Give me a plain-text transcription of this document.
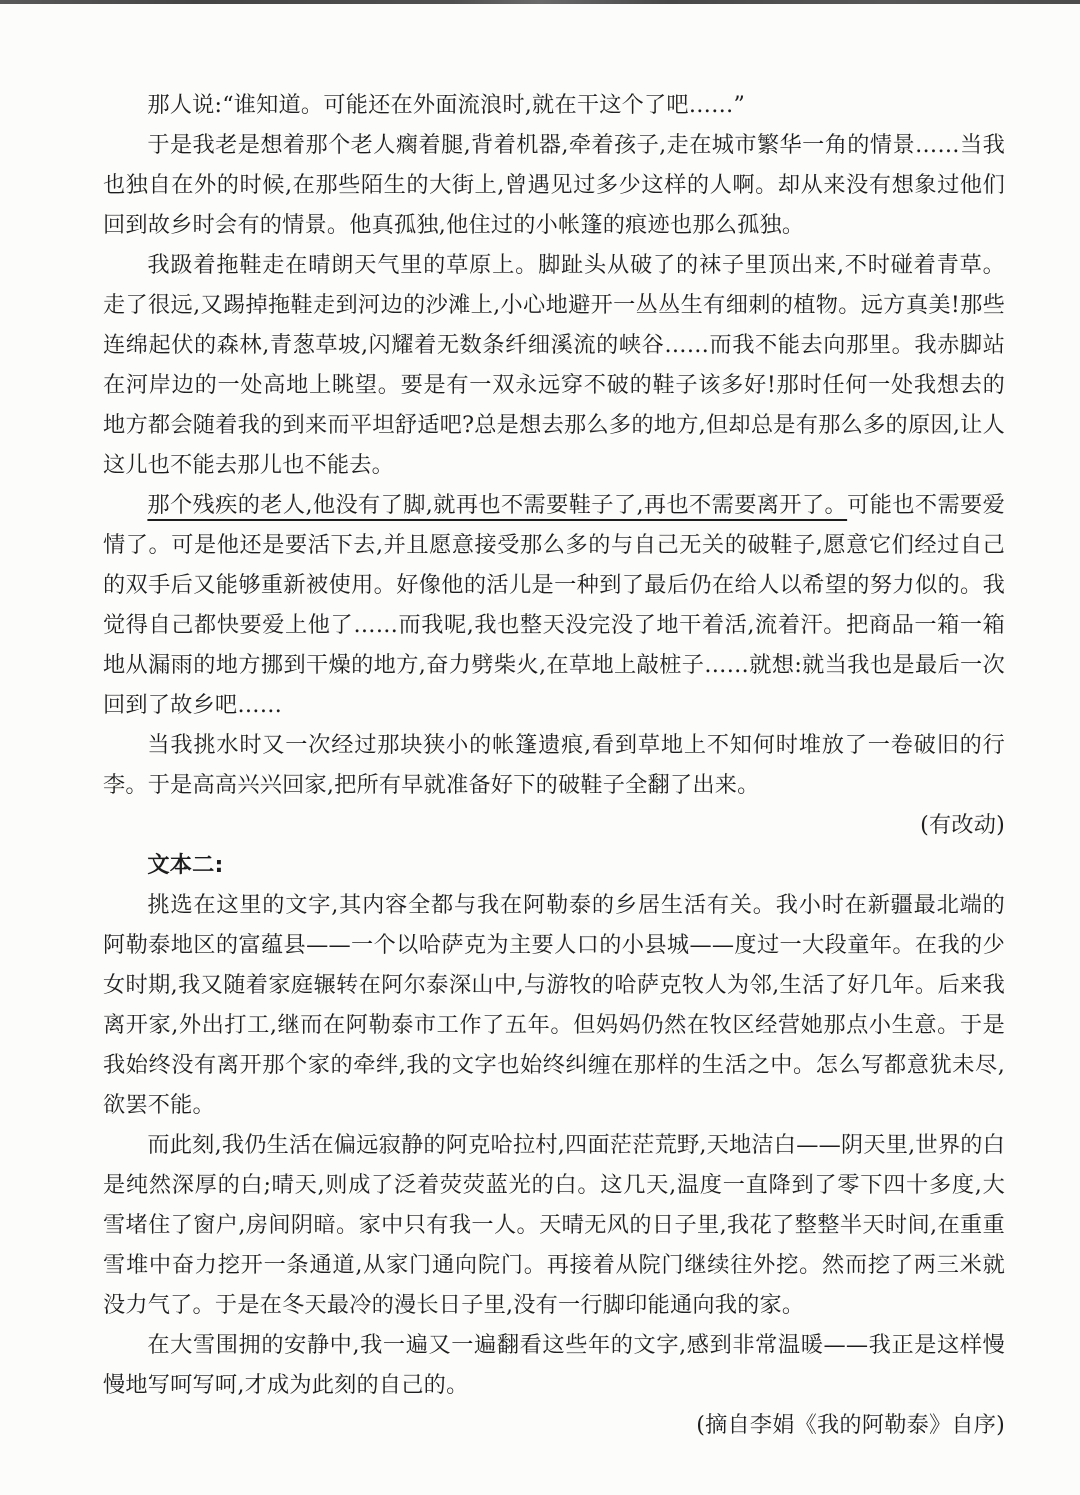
那人说:“谁知道。可能还在外面流浪时,就在干这个了吧……”

于是我老是想着那个老人瘸着腿,背着机器,牵着孩子,走在城市繁华一角的情景……当我也独自在外的时候,在那些陌生的大街上,曾遇见过多少这样的人啊。却从来没有想象过他们回到故乡时会有的情景。他真孤独,他住过的小帐篷的痕迹也那么孤独。

我趿着拖鞋走在晴朗天气里的草原上。脚趾头从破了的袜子里顶出来,不时碰着青草。走了很远,又踢掉拖鞋走到河边的沙滩上,小心地避开一丛丛生有细刺的植物。远方真美!那些连绵起伏的森林,青葱草坡,闪耀着无数条纤细溪流的峡谷……而我不能去向那里。我赤脚站在河岸边的一处高地上眺望。要是有一双永远穿不破的鞋子该多好!那时任何一处我想去的地方都会随着我的到来而平坦舒适吧?总是想去那么多的地方,但却总是有那么多的原因,让人这儿也不能去那儿也不能去。

那个残疾的老人,他没有了脚,就再也不需要鞋子了,再也不需要离开了。可能也不需要爱情了。可是他还是要活下去,并且愿意接受那么多的与自己无关的破鞋子,愿意它们经过自己的双手后又能够重新被使用。好像他的活儿是一种到了最后仍在给人以希望的努力似的。我觉得自己都快要爱上他了……而我呢,我也整天没完没了地干着活,流着汗。把商品一箱一箱地从漏雨的地方挪到干燥的地方,奋力劈柴火,在草地上敲桩子……就想:就当我也是最后一次回到了故乡吧……

当我挑水时又一次经过那块狭小的帐篷遗痕,看到草地上不知何时堆放了一卷破旧的行李。于是高高兴兴回家,把所有早就准备好下的破鞋子全翻了出来。

(有改动)

文本二:

挑选在这里的文字,其内容全都与我在阿勒泰的乡居生活有关。我小时在新疆最北端的阿勒泰地区的富蕴县——一个以哈萨克为主要人口的小县城——度过一大段童年。在我的少女时期,我又随着家庭辗转在阿尔泰深山中,与游牧的哈萨克牧人为邻,生活了好几年。后来我离开家,外出打工,继而在阿勒泰市工作了五年。但妈妈仍然在牧区经营她那点小生意。于是我始终没有离开那个家的牵绊,我的文字也始终纠缠在那样的生活之中。怎么写都意犹未尽,欲罢不能。

而此刻,我仍生活在偏远寂静的阿克哈拉村,四面茫茫荒野,天地洁白——阴天里,世界的白是纯然深厚的白;晴天,则成了泛着荧荧蓝光的白。这几天,温度一直降到了零下四十多度,大雪堵住了窗户,房间阴暗。家中只有我一人。天晴无风的日子里,我花了整整半天时间,在重重雪堆中奋力挖开一条通道,从家门通向院门。再接着从院门继续往外挖。然而挖了两三米就没力气了。于是在冬天最冷的漫长日子里,没有一行脚印能通向我的家。

在大雪围拥的安静中,我一遍又一遍翻看这些年的文字,感到非常温暖——我正是这样慢慢地写呵写呵,才成为此刻的自己的。

(摘自李娟《我的阿勒泰》自序)
